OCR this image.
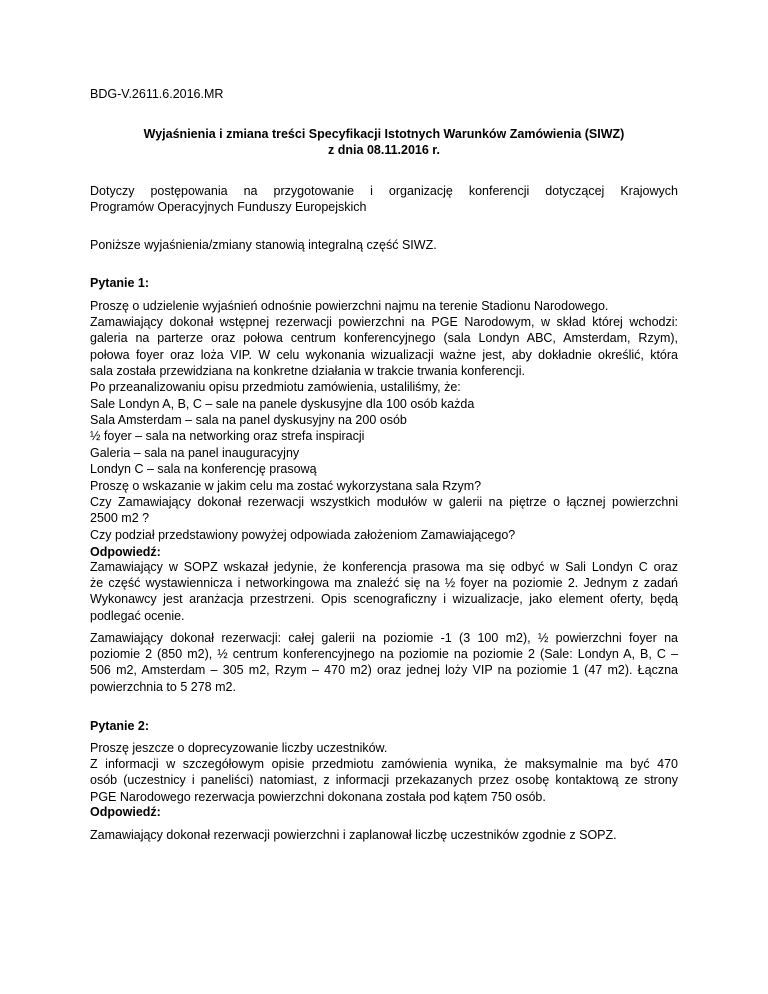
BDG-V.2611.6.2016.MR

Wyjaśnienia i zmiana treści Specyfikacji Istotnych Warunków Zamówienia (SIWZ)
z dnia 08.11.2016 r.
Dotyczy postępowania na przygotowanie i organizację konferencji dotyczącej Krajowych
Programów Operacyjnych Funduszy Europejskich
Poniższe wyjaśnienia/zmiany stanowią integralną część SIWZ.
Pytanie 1:
Proszę o udzielenie wyjaśnień odnośnie powierzchni najmu na terenie Stadionu Narodowego.
Zamawiający dokonał wstępnej rezerwacji powierzchni na PGE Narodowym, w skład której wchodzi:
galeria na parterze oraz połowa centrum konferencyjnego (sala Londyn ABC, Amsterdam, Rzym),
połowa foyer oraz loża VIP. W celu wykonania wizualizacji ważne jest, aby dokładnie określić, która
sala została przewidziana na konkretne działania w trakcie trwania konferencji.
Po przeanalizowaniu opisu przedmiotu zamówienia, ustaliliśmy, że:
Sale Londyn A, B, C – sale na panele dyskusyjne dla 100 osób każda
Sala Amsterdam – sala na panel dyskusyjny na 200 osób
½ foyer – sala na networking oraz strefa inspiracji
Galeria – sala na panel inauguracyjny
Londyn C – sala na konferencję prasową
Proszę o wskazanie w jakim celu ma zostać wykorzystana sala Rzym?
Czy Zamawiający dokonał rezerwacji wszystkich modułów w galerii na piętrze o łącznej powierzchni
2500 m2 ?
Czy podział przedstawiony powyżej odpowiada założeniom Zamawiającego?
Odpowiedź:
Zamawiający w SOPZ wskazał jedynie, że konferencja prasowa ma się odbyć w Sali Londyn C oraz
że część wystawiennicza i networkingowa ma znaleźć się na ½ foyer na poziomie 2. Jednym z zadań
Wykonawcy jest aranżacja przestrzeni. Opis scenograficzny i wizualizacje, jako element oferty, będą
podlegać ocenie.
Zamawiający dokonał rezerwacji: całej galerii na poziomie -1 (3 100 m2), ½ powierzchni foyer na
poziomie 2 (850 m2), ½ centrum konferencyjnego na poziomie na poziomie 2 (Sale: Londyn A, B, C –
506 m2, Amsterdam – 305 m2, Rzym – 470 m2) oraz jednej loży VIP na poziomie 1 (47 m2). Łączna
powierzchnia to 5 278 m2.
Pytanie 2:
Proszę jeszcze o doprecyzowanie liczby uczestników.
Z informacji w szczegółowym opisie przedmiotu zamówienia wynika, że maksymalnie ma być 470
osób (uczestnicy i paneliści) natomiast, z informacji przekazanych przez osobę kontaktową ze strony
PGE Narodowego rezerwacja powierzchni dokonana została pod kątem 750 osób.
Odpowiedź:
Zamawiający dokonał rezerwacji powierzchni i zaplanował liczbę uczestników zgodnie z SOPZ.
